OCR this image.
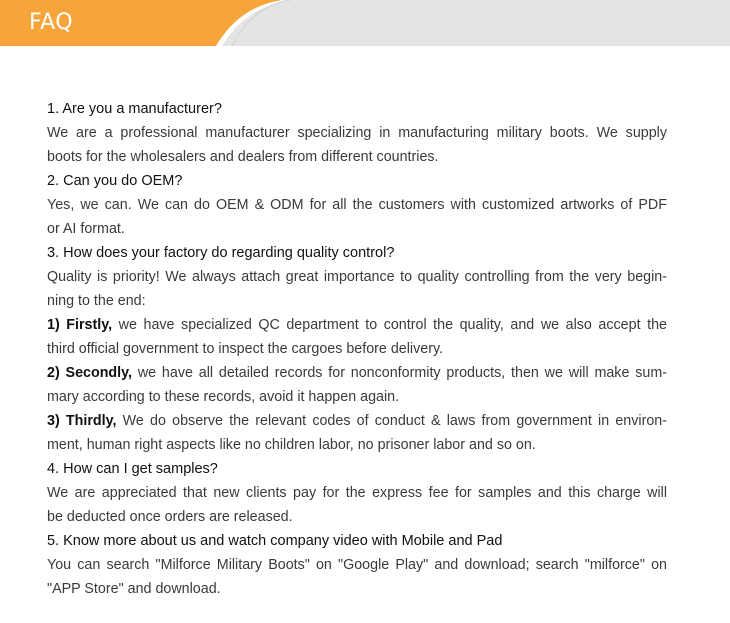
FAQ
1. Are you a manufacturer?
We are a professional manufacturer specializing in manufacturing military boots. We supply
boots for the wholesalers and dealers from different countries.
2. Can you do OEM?
Yes, we can. We can do OEM & ODM for all the customers with customized artworks of PDF
or AI format.
3. How does your factory do regarding quality control?
Quality is priority! We always attach great importance to quality controlling from the very begin-
ning to the end:
1) Firstly, we have specialized QC department to control the quality, and we also accept the
third official government to inspect the cargoes before delivery.
2) Secondly, we have all detailed records for nonconformity products, then we will make sum-
mary according to these records, avoid it happen again.
3) Thirdly, We do observe the relevant codes of conduct & laws from government in environ-
ment, human right aspects like no children labor, no prisoner labor and so on.
4. How can I get samples?
We are appreciated that new clients pay for the express fee for samples and this charge will
be deducted once orders are released.
5. Know more about us and watch company video with Mobile and Pad
You can search "Milforce Military Boots" on "Google Play" and download; search "milforce" on
"APP Store" and download.
